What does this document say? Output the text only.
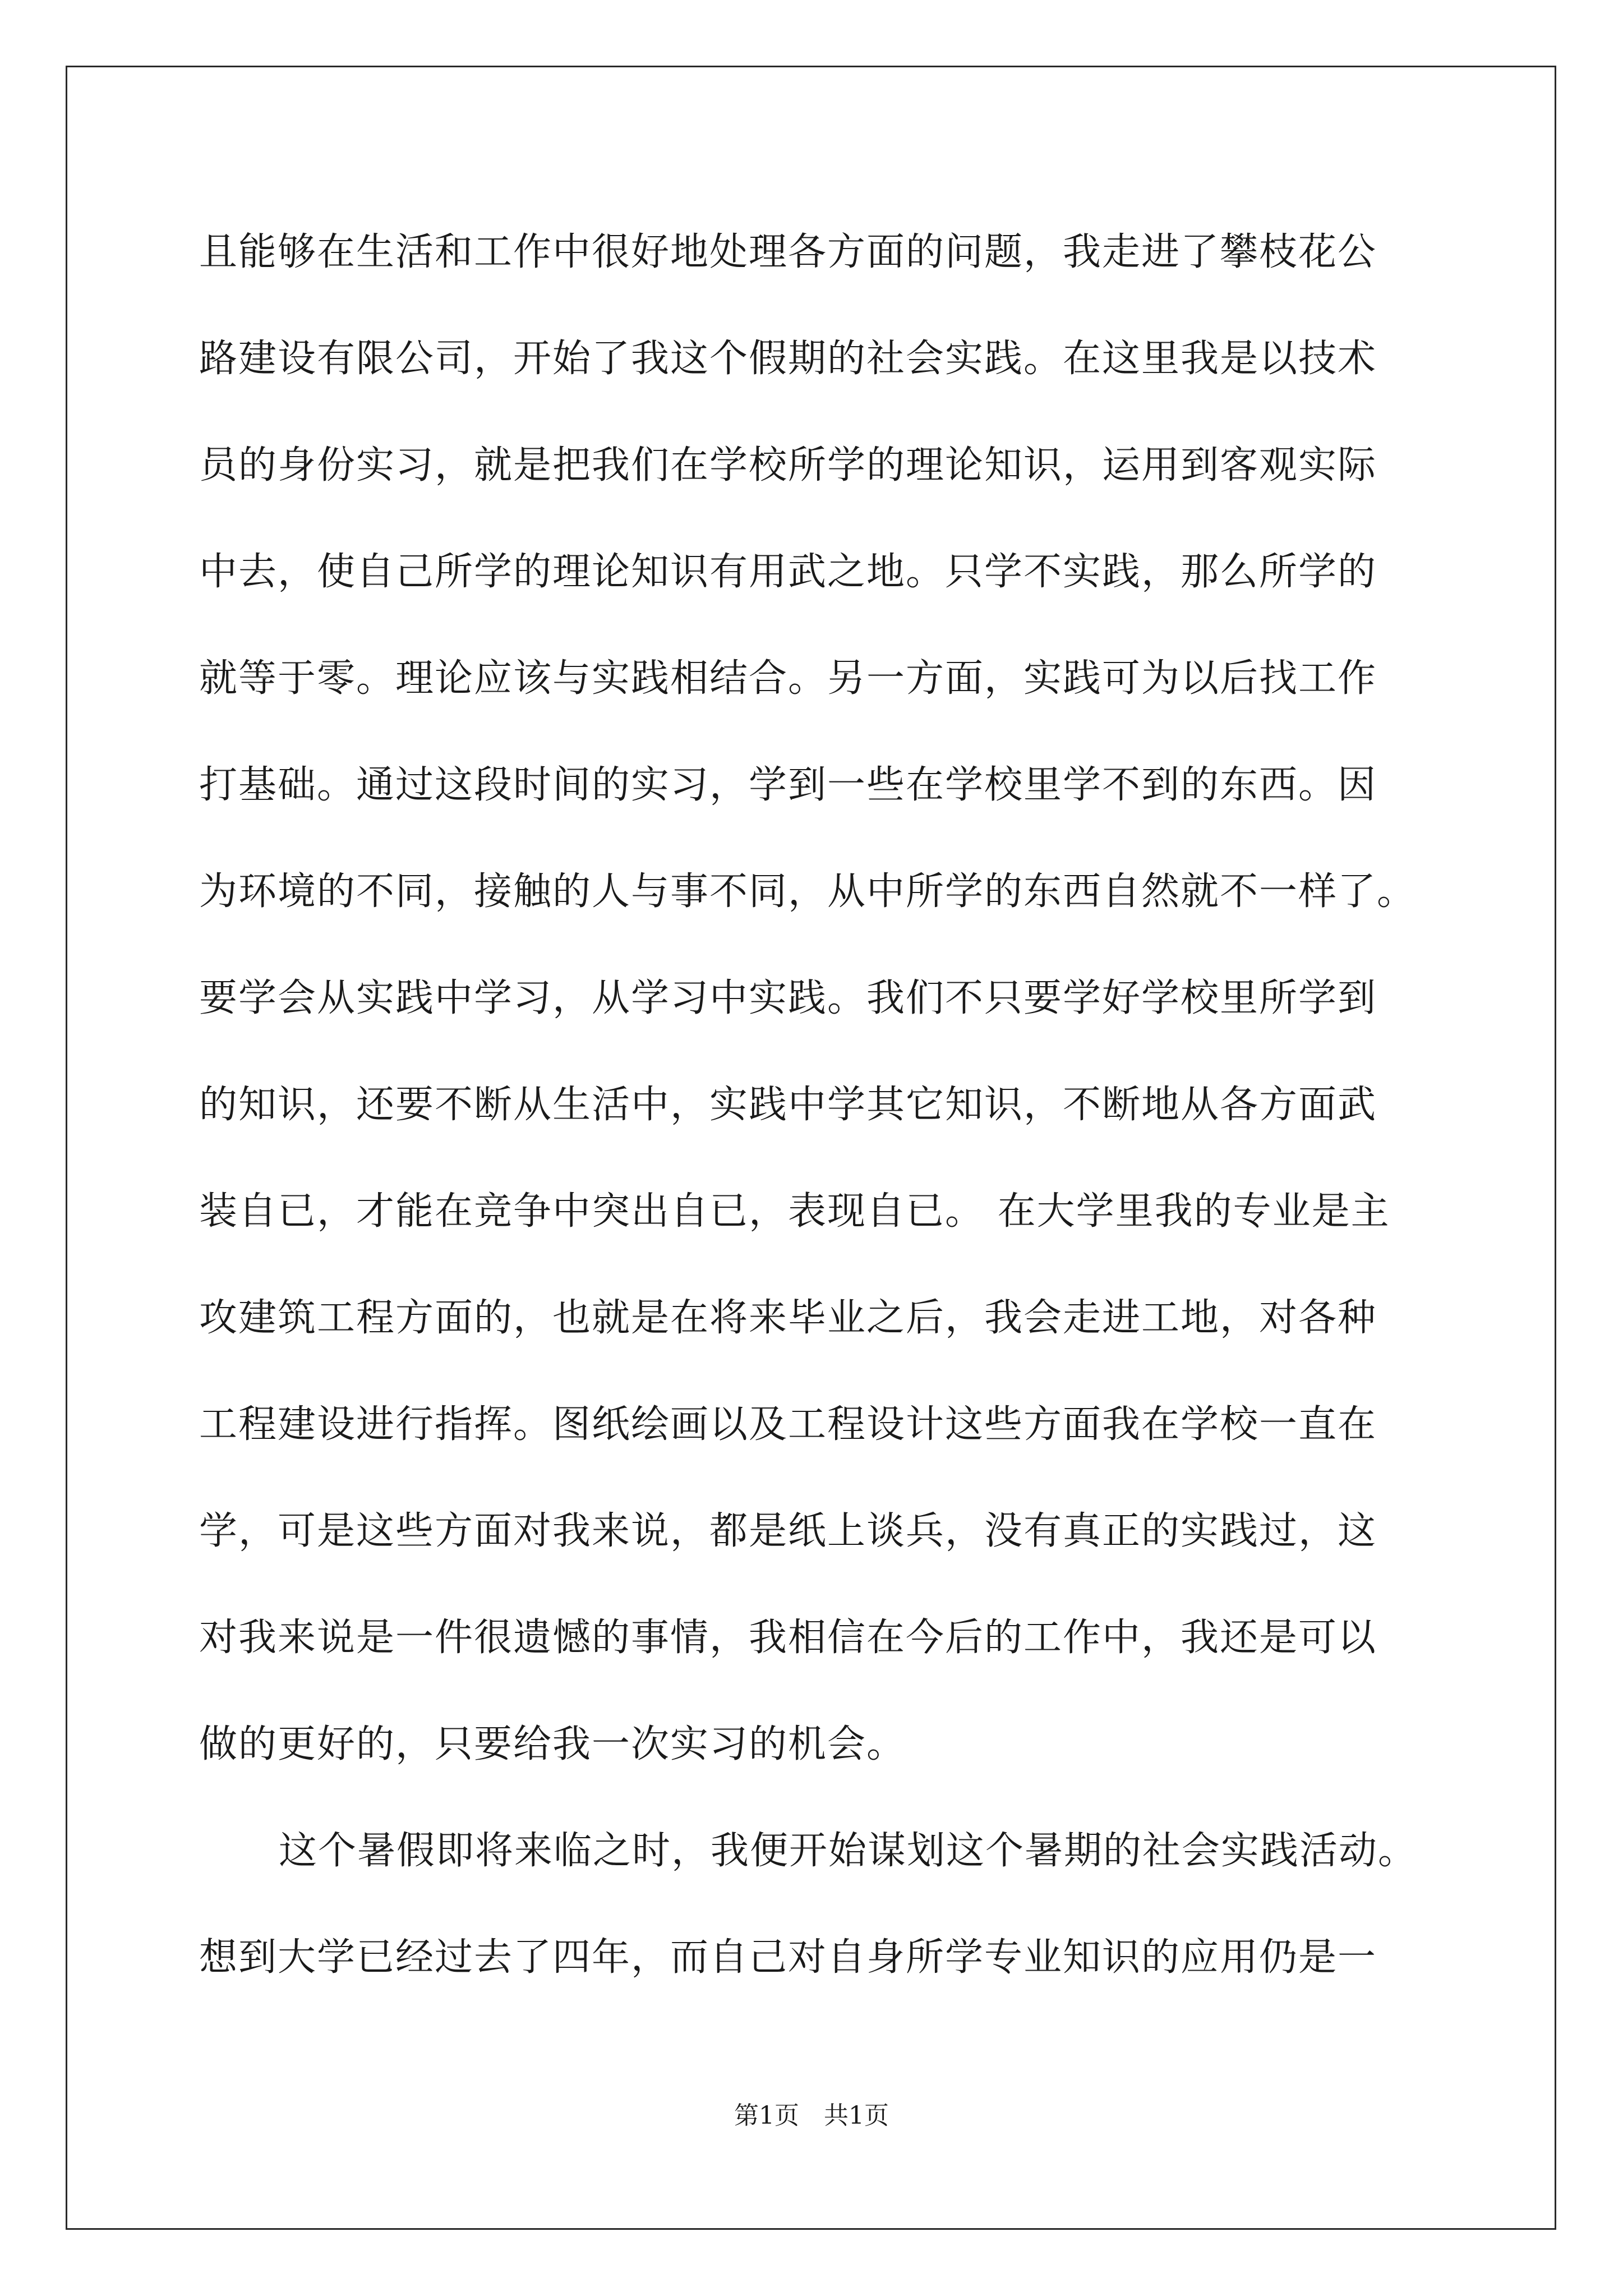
且能够在生活和工作中很好地处理各方面的问题，我走进了攀枝花公
路建设有限公司，开始了我这个假期的社会实践。在这里我是以技术
员的身份实习，就是把我们在学校所学的理论知识，运用到客观实际
中去，使自己所学的理论知识有用武之地。只学不实践，那么所学的
就等于零。理论应该与实践相结合。另一方面，实践可为以后找工作
打基础。通过这段时间的实习，学到一些在学校里学不到的东西。因
为环境的不同，接触的人与事不同，从中所学的东西自然就不一样了。
要学会从实践中学习，从学习中实践。我们不只要学好学校里所学到
的知识，还要不断从生活中，实践中学其它知识，不断地从各方面武
装自已，才能在竞争中突出自已，表现自已。 在大学里我的专业是主
攻建筑工程方面的，也就是在将来毕业之后，我会走进工地，对各种
工程建设进行指挥。图纸绘画以及工程设计这些方面我在学校一直在
学，可是这些方面对我来说，都是纸上谈兵，没有真正的实践过，这
对我来说是一件很遗憾的事情，我相信在今后的工作中，我还是可以
做的更好的，只要给我一次实习的机会。
这个暑假即将来临之时，我便开始谋划这个暑期的社会实践活动。
想到大学已经过去了四年，而自己对自身所学专业知识的应用仍是一
第1页　共1页
